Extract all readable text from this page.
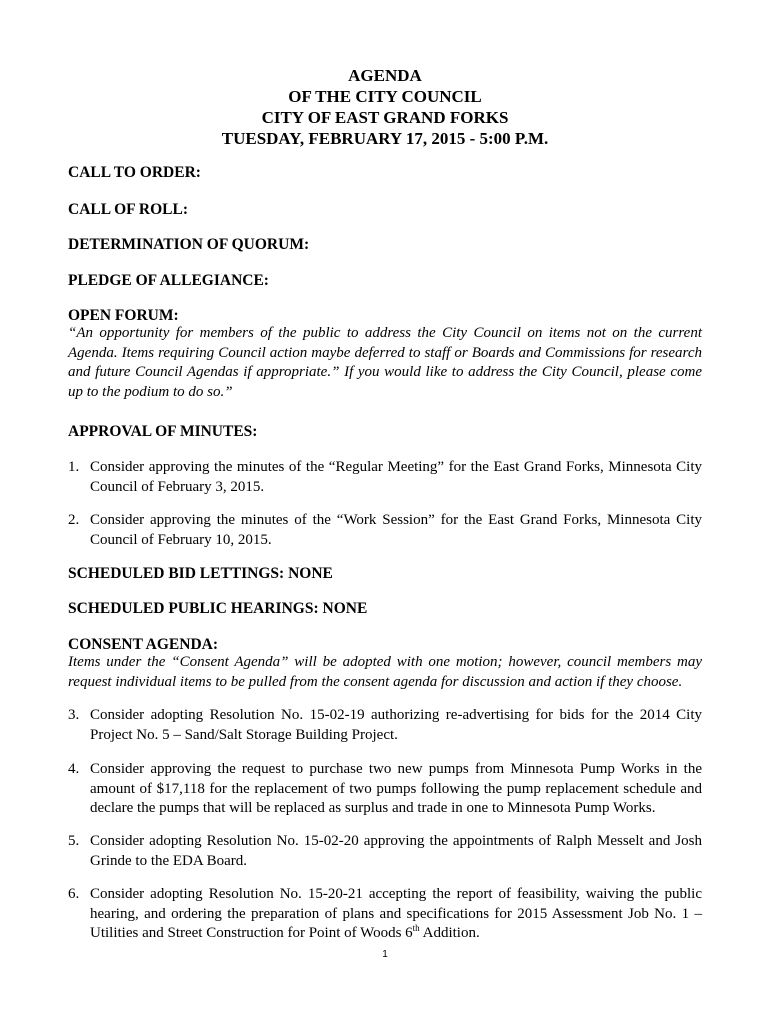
AGENDA
OF THE CITY COUNCIL
CITY OF EAST GRAND FORKS
TUESDAY, FEBRUARY 17, 2015 - 5:00 P.M.
CALL TO ORDER:
CALL OF ROLL:
DETERMINATION OF QUORUM:
PLEDGE OF ALLEGIANCE:
OPEN FORUM:
“An opportunity for members of the public to address the City Council on items not on the current Agenda. Items requiring Council action maybe deferred to staff or Boards and Commissions for research and future Council Agendas if appropriate.” If you would like to address the City Council, please come up to the podium to do so.”
APPROVAL OF MINUTES:
1. Consider approving the minutes of the “Regular Meeting” for the East Grand Forks, Minnesota City Council of February 3, 2015.
2. Consider approving the minutes of the “Work Session” for the East Grand Forks, Minnesota City Council of February 10, 2015.
SCHEDULED BID LETTINGS: NONE
SCHEDULED PUBLIC HEARINGS: NONE
CONSENT AGENDA:
Items under the “Consent Agenda” will be adopted with one motion; however, council members may request individual items to be pulled from the consent agenda for discussion and action if they choose.
3. Consider adopting Resolution No. 15-02-19 authorizing re-advertising for bids for the 2014 City Project No. 5 – Sand/Salt Storage Building Project.
4. Consider approving the request to purchase two new pumps from Minnesota Pump Works in the amount of $17,118 for the replacement of two pumps following the pump replacement schedule and declare the pumps that will be replaced as surplus and trade in one to Minnesota Pump Works.
5. Consider adopting Resolution No. 15-02-20 approving the appointments of Ralph Messelt and Josh Grinde to the EDA Board.
6. Consider adopting Resolution No. 15-20-21 accepting the report of feasibility, waiving the public hearing, and ordering the preparation of plans and specifications for 2015 Assessment Job No. 1 – Utilities and Street Construction for Point of Woods 6th Addition.
1
